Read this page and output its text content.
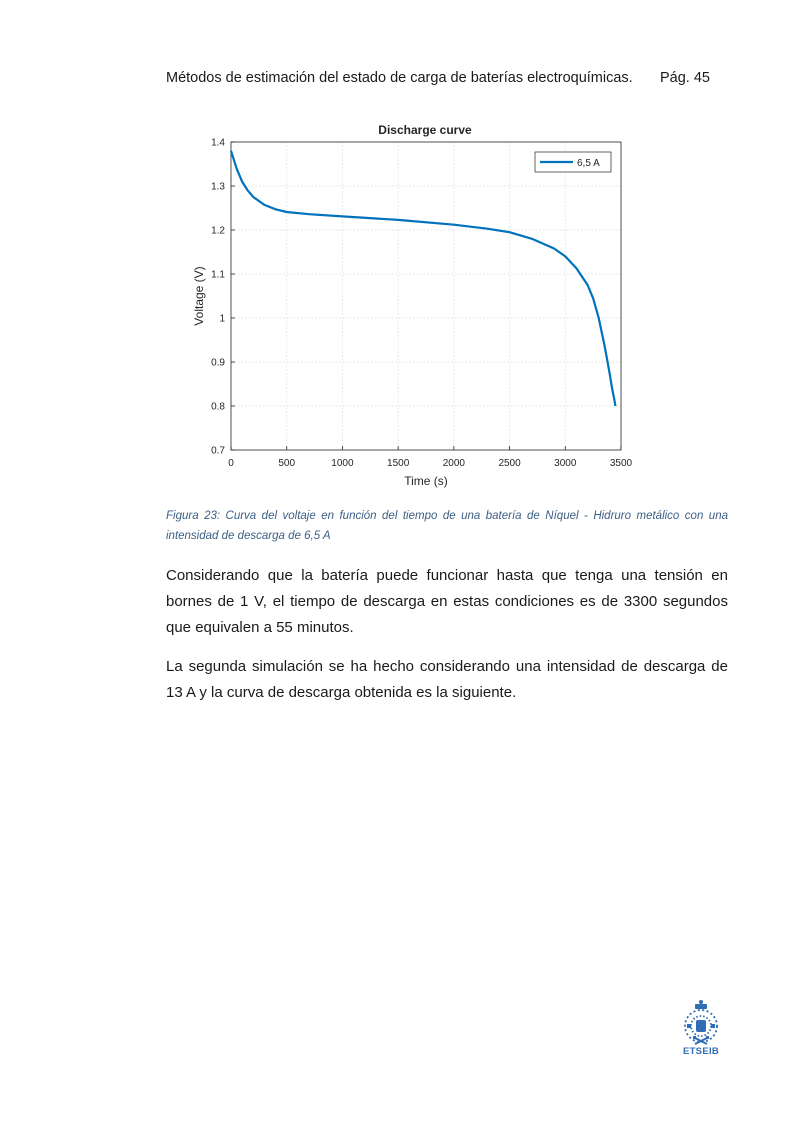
Métodos de estimación del estado de carga de baterías electroquímicas. Pág. 45
Discharge curve
0	500	1000	1500	2000	2500	3000	3500
0.7
0.8
0.9
1
1.1
1.2
1.3
1.4
Time (s)
Voltage (V)
6,5 A
Figura 23: Curva del voltaje en función del tiempo de una batería de Níquel - Hidruro metálico con una intensidad de descarga de 6,5 A
Considerando que la batería puede funcionar hasta que tenga una tensión en bornes de 1 V, el tiempo de descarga en estas condiciones es de 3300 segundos que equivalen a 55 minutos.
La segunda simulación se ha hecho considerando una intensidad de descarga de 13 A y la curva de descarga obtenida es la siguiente.
ETSEIB
